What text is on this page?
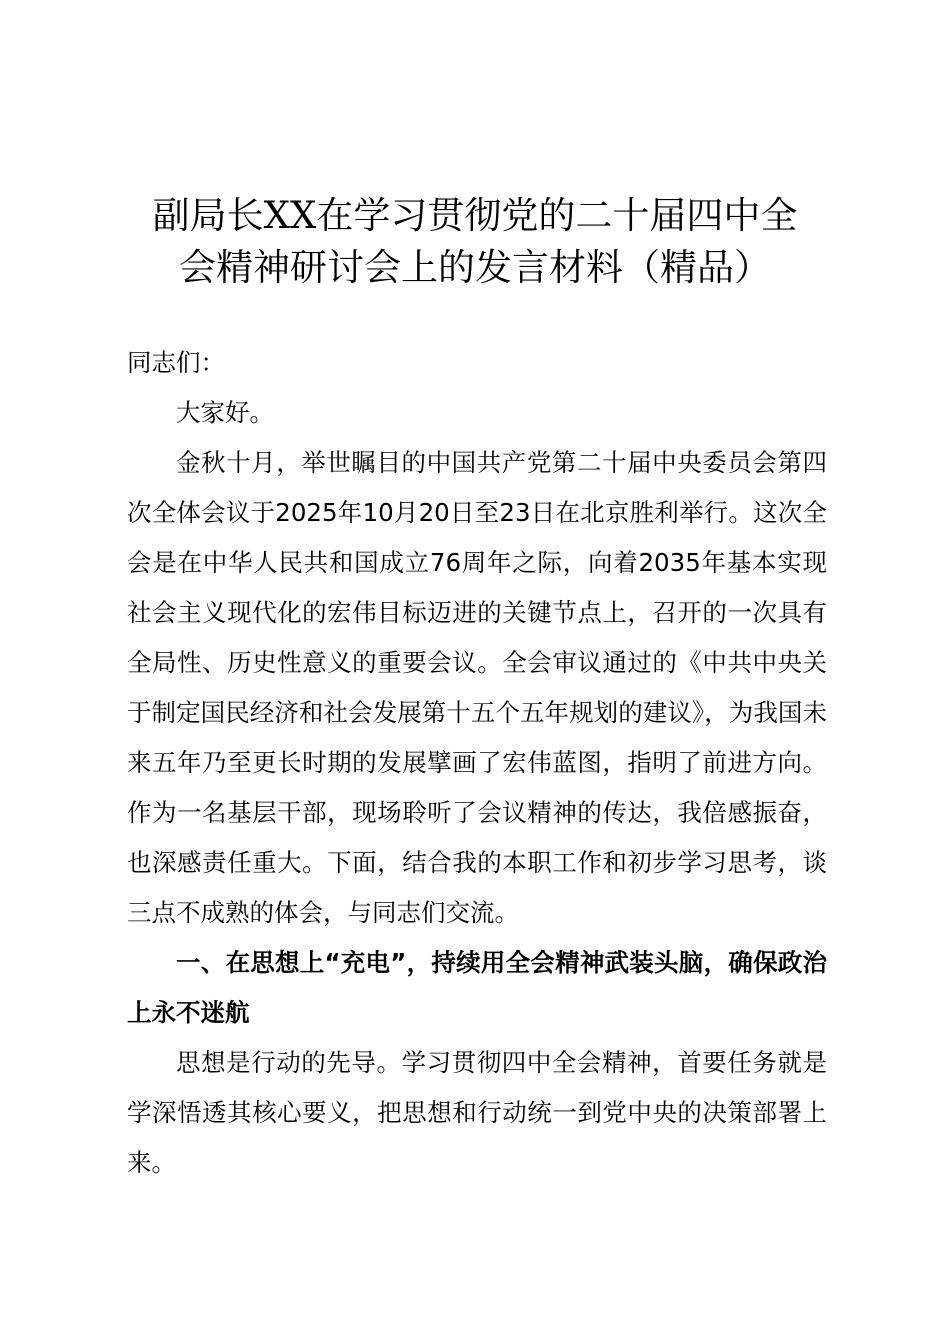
副局长XX在学习贯彻党的二十届四中全
会精神研讨会上的发言材料（精品）

同志们：

大家好。

金秋十月，举世瞩目的中国共产党第二十届中央委员会第四次全体会议于2025年10月20日至23日在北京胜利举行。这次全会是在中华人民共和国成立76周年之际，向着2035年基本实现社会主义现代化的宏伟目标迈进的关键节点上，召开的一次具有全局性、历史性意义的重要会议。全会审议通过的《中共中央关于制定国民经济和社会发展第十五个五年规划的建议》，为我国未来五年乃至更长时期的发展擘画了宏伟蓝图，指明了前进方向。作为一名基层干部，现场聆听了会议精神的传达，我倍感振奋，也深感责任重大。下面，结合我的本职工作和初步学习思考，谈三点不成熟的体会，与同志们交流。

一、在思想上“充电”，持续用全会精神武装头脑，确保政治上永不迷航

思想是行动的先导。学习贯彻四中全会精神，首要任务就是学深悟透其核心要义，把思想和行动统一到党中央的决策部署上来。
